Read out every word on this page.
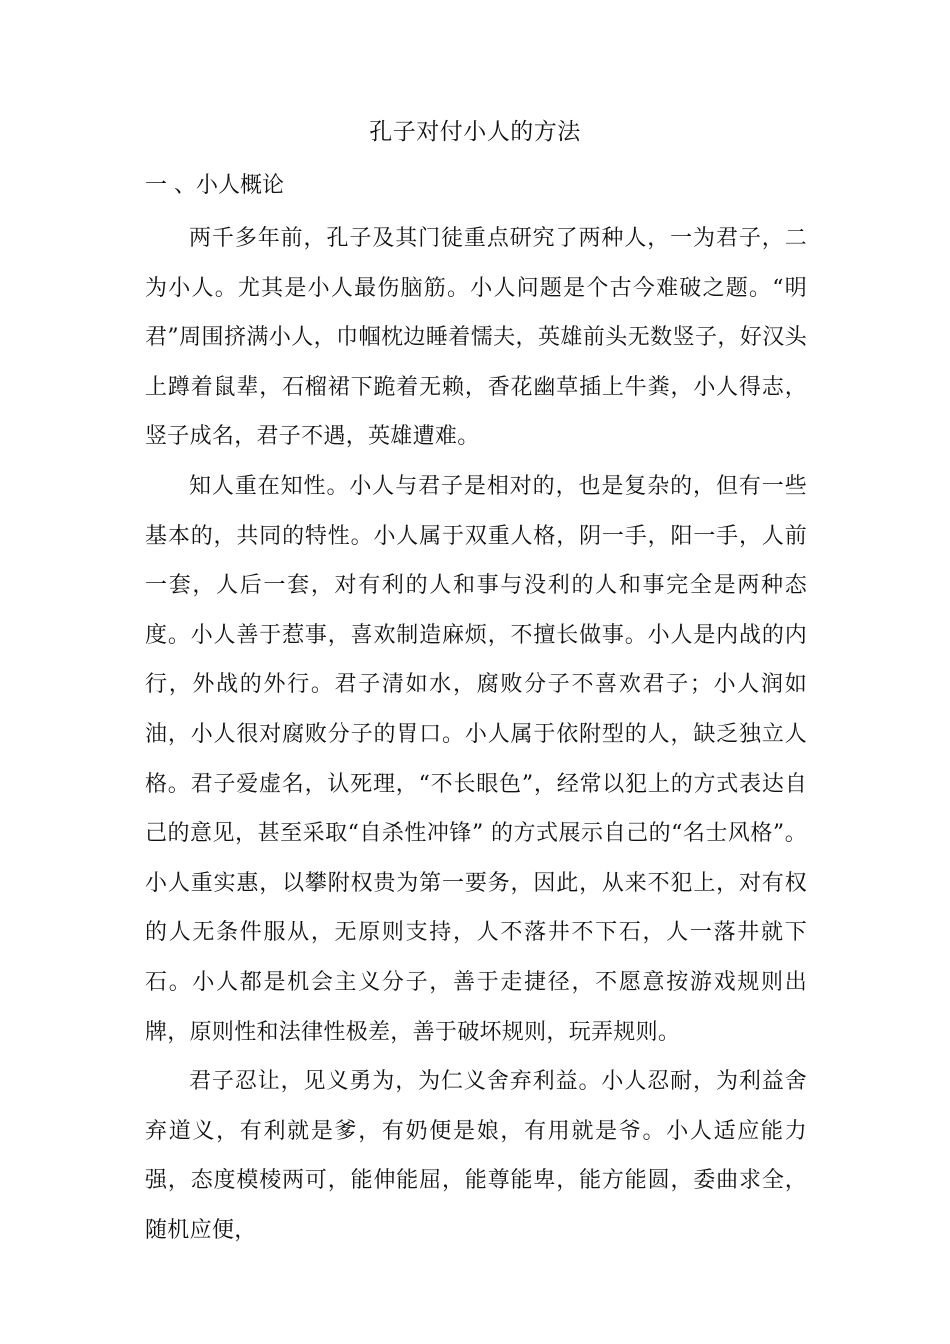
孔子对付小人的方法
一 、小人概论

两千多年前，孔子及其门徒重点研究了两种人，一为君子，二为小人。尤其是小人最伤脑筋。小人问题是个古今难破之题。“明君”周围挤满小人，巾帼枕边睡着懦夫，英雄前头无数竖子，好汉头上蹲着鼠辈，石榴裙下跪着无赖，香花幽草插上牛粪，小人得志，竖子成名，君子不遇，英雄遭难。

知人重在知性。小人与君子是相对的，也是复杂的，但有一些基本的，共同的特性。小人属于双重人格，阴一手，阳一手，人前一套，人后一套，对有利的人和事与没利的人和事完全是两种态度。小人善于惹事，喜欢制造麻烦，不擅长做事。小人是内战的内行，外战的外行。君子清如水，腐败分子不喜欢君子；小人润如油，小人很对腐败分子的胃口。小人属于依附型的人，缺乏独立人格。君子爱虚名，认死理，“不长眼色”，经常以犯上的方式表达自己的意见，甚至采取“自杀性冲锋” 的方式展示自己的“名士风格”。小人重实惠，以攀附权贵为第一要务，因此，从来不犯上，对有权的人无条件服从，无原则支持，人不落井不下石，人一落井就下石。小人都是机会主义分子，善于走捷径，不愿意按游戏规则出牌，原则性和法律性极差，善于破坏规则，玩弄规则。

君子忍让，见义勇为，为仁义舍弃利益。小人忍耐，为利益舍弃道义，有利就是爹，有奶便是娘，有用就是爷。小人适应能力强，态度模棱两可，能伸能屈，能尊能卑，能方能圆，委曲求全，随机应便，
